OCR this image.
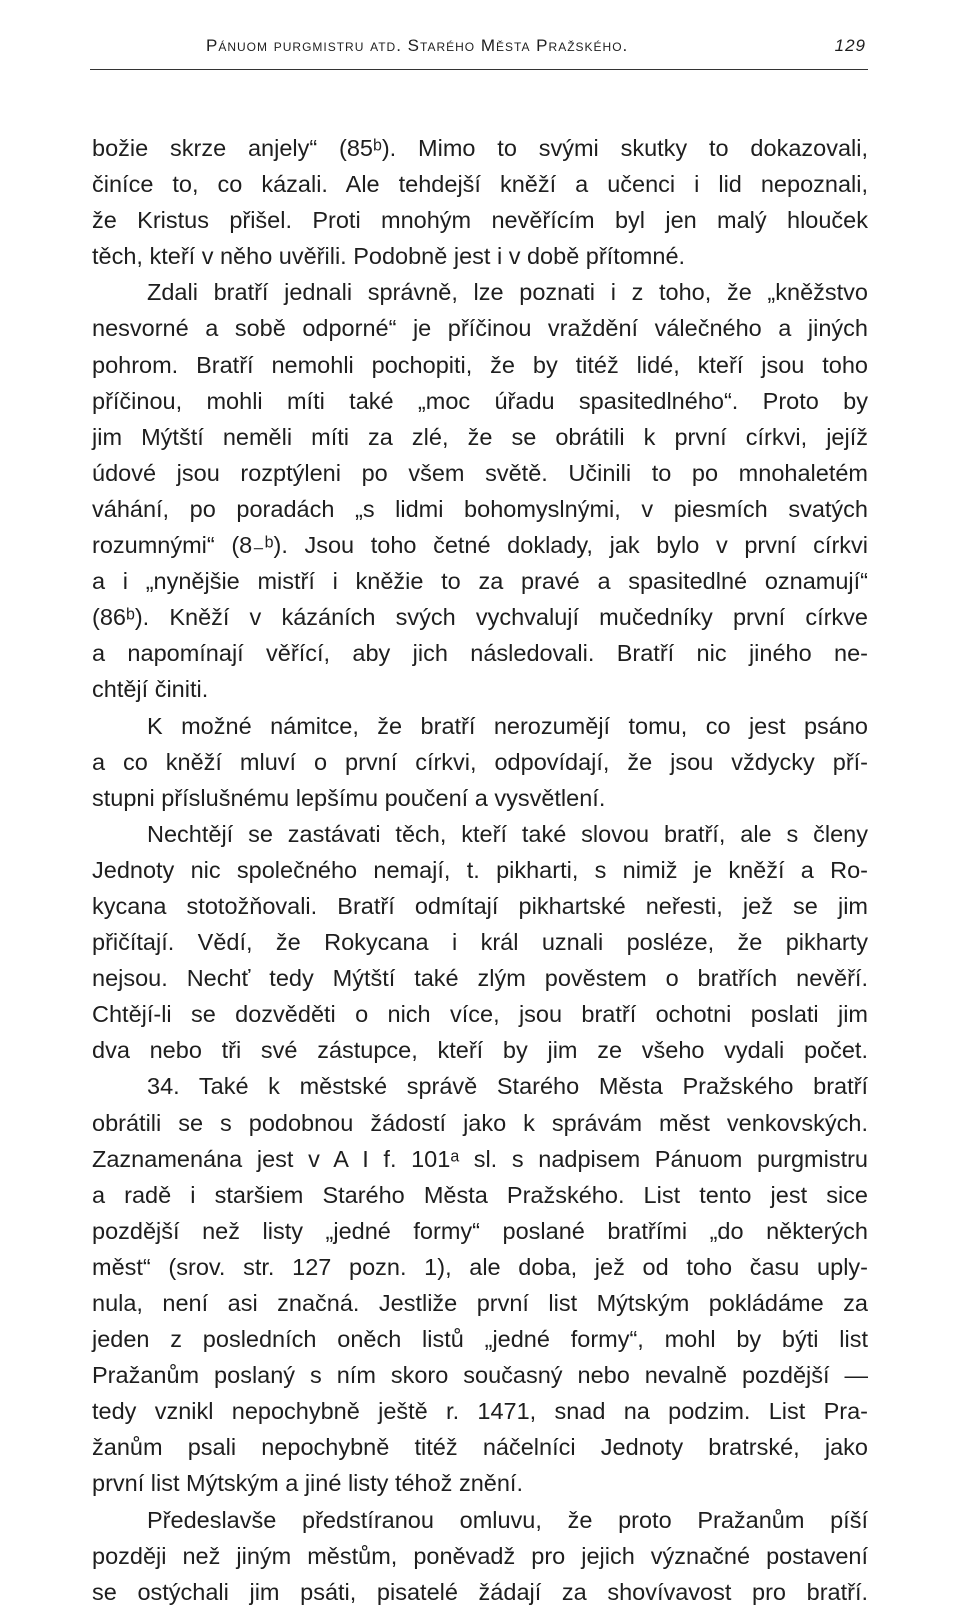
Pánuom purgmistru atd. Starého Města Pražského.	129
božie skrze anjely“ (85ᵇ). Mimo to svými skutky to dokazovali,
činíce to, co kázali. Ale tehdejší kněží a učenci i lid nepoznali,
že Kristus přišel. Proti mnohým nevěřícím byl jen malý hlouček
těch, kteří v něho uvěřili. Podobně jest i v době přítomné.
Zdali bratří jednali správně, lze poznati i z toho, že „kněžstvo
nesvorné a sobě odporné“ je příčinou vraždění válečného a jiných
pohrom. Bratří nemohli pochopiti, že by titéž lidé, kteří jsou toho
příčinou, mohli míti také „moc úřadu spasitedlného“. Proto by
jim Mýtští neměli míti za zlé, že se obrátili k první církvi, jejíž
údové jsou rozptýleni po všem světě. Učinili to po mnohaletém
váhání, po poradách „s lidmi bohomyslnými, v piesmích svatých
rozumnými“ (8₋ᵇ). Jsou toho četné doklady, jak bylo v první církvi
a i „nynějšie mistří i kněžie to za pravé a spasitedlné oznamují“
(86ᵇ). Kněží v kázáních svých vychvalují mučedníky první církve
a napomínají věřící, aby jich následovali. Bratří nic jiného ne-
chtějí činiti.
K možné námitce, že bratří nerozumějí tomu, co jest psáno
a co kněží mluví o první církvi, odpovídají, že jsou vždycky pří-
stupni příslušnému lepšímu poučení a vysvětlení.
Nechtějí se zastávati těch, kteří také slovou bratří, ale s členy
Jednoty nic společného nemají, t. pikharti, s nimiž je kněží a Ro-
kycana stotožňovali. Bratří odmítají pikhartské neřesti, jež se jim
přičítají. Vědí, že Rokycana i král uznali posléze, že pikharty
nejsou. Nechť tedy Mýtští také zlým pověstem o bratřích nevěří.
Chtějí-li se dozvěděti o nich více, jsou bratří ochotni poslati jim
dva nebo tři své zástupce, kteří by jim ze všeho vydali počet.
34. Také k městské správě Starého Města Pražského bratří
obrátili se s podobnou žádostí jako k správám měst venkovských.
Zaznamenána jest v A I f. 101ᵃ sl. s nadpisem Pánuom purgmistru
a radě i staršiem Starého Města Pražského. List tento jest sice
pozdější než listy „jedné formy“ poslané bratřími „do některých
měst“ (srov. str. 127 pozn. 1), ale doba, jež od toho času uply-
nula, není asi značná. Jestliže první list Mýtským pokládáme za
jeden z posledních oněch listů „jedné formy“, mohl by býti list
Pražanům poslaný s ním skoro současný nebo nevalně pozdější —
tedy vznikl nepochybně ještě r. 1471, snad na podzim. List Pra-
žanům psali nepochybně titéž náčelníci Jednoty bratrské, jako
první list Mýtským a jiné listy téhož znění.
Předeslavše předstíranou omluvu, že proto Pražanům píší
později než jiným městům, poněvadž pro jejich význačné postavení
se ostýchali jim psáti, pisatelé žádají za shovívavost pro bratří.
